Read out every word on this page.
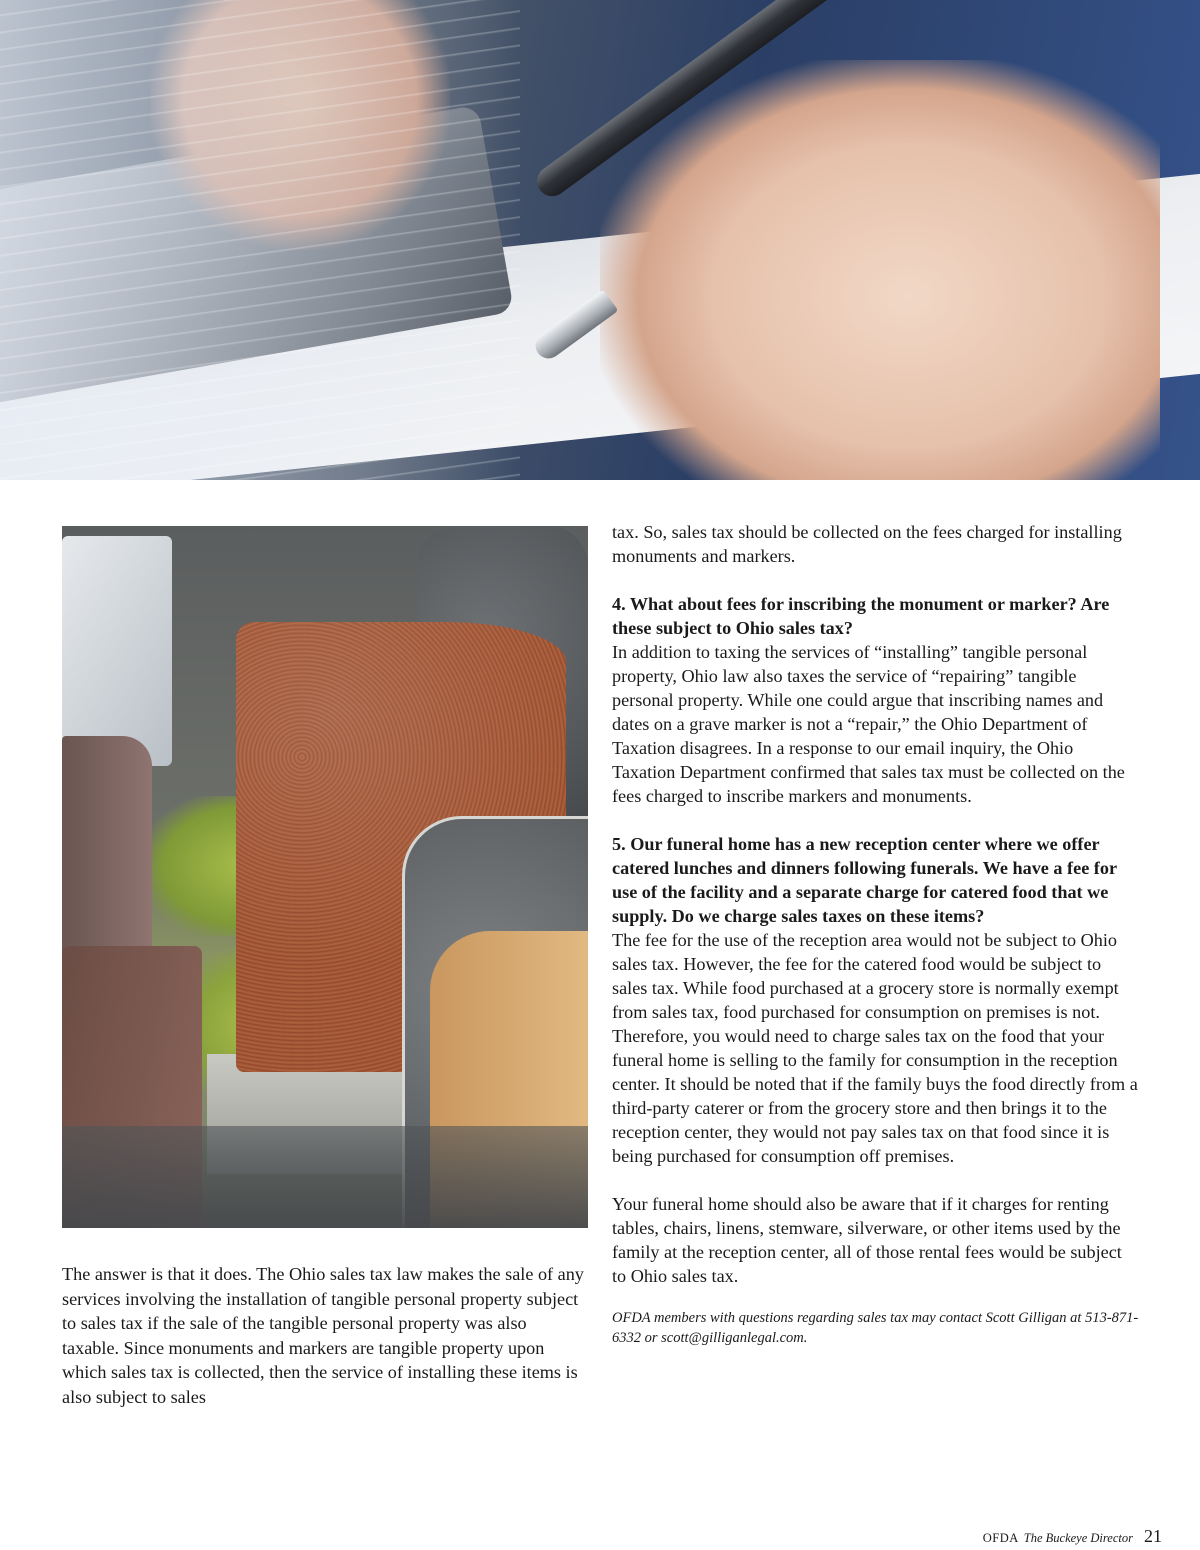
The answer is that it does. The Ohio sales tax law makes the sale of any services involving the installation of tangible personal property subject to sales tax if the sale of the tangible personal property was also taxable. Since monuments and markers are tangible property upon which sales tax is collected, then the service of installing these items is also subject to sales

tax. So, sales tax should be collected on the fees charged for installing monuments and markers.

4. What about fees for inscribing the monument or marker? Are these subject to Ohio sales tax?
In addition to taxing the services of “installing” tangible personal property, Ohio law also taxes the service of “repairing” tangible personal property. While one could argue that inscribing names and dates on a grave marker is not a “repair,” the Ohio Department of Taxation disagrees. In a response to our email inquiry, the Ohio Taxation Department confirmed that sales tax must be collected on the fees charged to inscribe markers and monuments.

5. Our funeral home has a new reception center where we offer catered lunches and dinners following funerals. We have a fee for use of the facility and a separate charge for catered food that we supply. Do we charge sales taxes on these items?
The fee for the use of the reception area would not be subject to Ohio sales tax. However, the fee for the catered food would be subject to sales tax. While food purchased at a grocery store is normally exempt from sales tax, food purchased for consumption on premises is not. Therefore, you would need to charge sales tax on the food that your funeral home is selling to the family for consumption in the reception center. It should be noted that if the family buys the food directly from a third-party caterer or from the grocery store and then brings it to the reception center, they would not pay sales tax on that food since it is being purchased for consumption off premises.

Your funeral home should also be aware that if it charges for renting tables, chairs, linens, stemware, silverware, or other items used by the family at the reception center, all of those rental fees would be subject to Ohio sales tax.

OFDA members with questions regarding sales tax may contact Scott Gilligan at 513-871-6332 or scott@gilliganlegal.com.

OFDA The Buckeye Director 21
